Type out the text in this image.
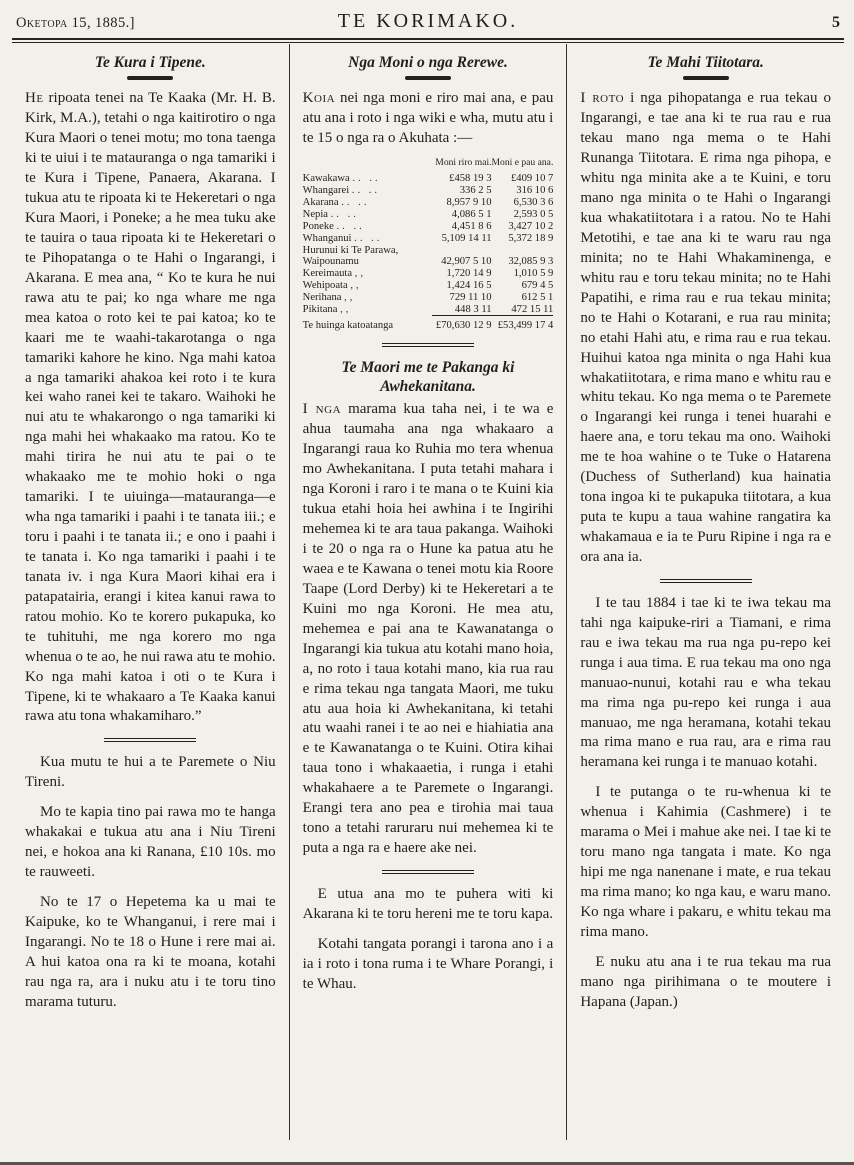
Oketopa 15, 1885.]	TE KORIMAKO.	5
Te Kura i Tipene.

He ripoata tenei na Te Kaaka (Mr. H. B. Kirk, M.A.), tetahi o nga kaitirotiro o nga Kura Maori o tenei motu; mo tona taenga ki te uiui i te matauranga o nga tamariki i te Kura i Tipene, Panaera, Akarana. I tukua atu te ripoata ki te Hekeretari o nga Kura Maori, i Poneke; a he mea tuku ake te tauira o taua ripoata ki te Hekeretari o te Pihopatanga o te Hahi o Ingarangi, i Akarana. E mea ana, “ Ko te kura he nui rawa atu te pai; ko nga whare me nga mea katoa o roto kei te pai katoa; ko te kaari me te waahi-takarotanga o nga tamariki kahore he kino. Nga mahi katoa a nga tamariki ahakoa kei roto i te kura kei waho ranei kei te takaro. Waihoki he nui atu te whakarongo o nga tamariki ki nga mahi hei whakaako ma ratou. Ko te mahi tirira he nui atu te pai o te whakaako me te mohio hoki o nga tamariki. I te uiuinga—matauranga—e wha nga tamariki i paahi i te tanata iii.; e toru i paahi i te tanata ii.; e ono i paahi i te tanata i. Ko nga tamariki i paahi i te tanata iv. i nga Kura Maori kihai era i patapatairia, erangi i kitea kanui rawa to ratou mohio. Ko te korero pukapuka, ko te tuhituhi, me nga korero mo nga whenua o te ao, he nui rawa atu te mohio. Ko nga mahi katoa i oti o te Kura i Tipene, ki te whakaaro a Te Kaaka kanui rawa atu tona whakamiharo.”

Kua mutu te hui a te Paremete o Niu Tireni.

Mo te kapia tino pai rawa mo te hanga whakakai e tukua atu ana i Niu Tireni nei, e hokoa ana ki Ranana, £10 10s. mo te rauweeti.

No te 17 o Hepetema ka u mai te Kaipuke, ko te Whanganui, i rere mai i Ingarangi. No te 18 o Hune i rere mai ai. A hui katoa ona ra ki te moana, kotahi rau nga ra, ara i nuku atu i te toru tino marama tuturu.

Nga Moni o nga Rerewe.

Koia nei nga moni e riro mai ana, e pau atu ana i roto i nga wiki e wha, mutu atu i te 15 o nga ra o Akuhata :—

	Moni riro mai.	Moni e pau ana.
Kawakawa .. ..	£458 19 3	£409 10 7
Whangarei .. ..	336 2 5	316 10 6
Akarana .. ..	8,957 9 10	6,530 3 6
Nepia .. ..	4,086 5 1	2,593 0 5
Poneke .. ..	4,451 8 6	3,427 10 2
Whanganui .. ..	5,109 14 11	5,372 18 9
Hurunui ki Te Parawa, Waipounamu	42,907 5 10	32,085 9 3
Kereimauta ,,	1,720 14 9	1,010 5 9
Wehipoata ,,	1,424 16 5	679 4 5
Nerihana ,,	729 11 10	612 5 1
Pikitana ,,	448 3 11	472 15 11
Te huinga katoatanga	£70,630 12 9	£53,499 17 4
Te Maori me te Pakanga ki Awhekanitana.

I nga marama kua taha nei, i te wa e ahua taumaha ana nga whakaaro a Ingarangi raua ko Ruhia mo tera whenua mo Awhekanitana. I puta tetahi mahara i nga Koroni i raro i te mana o te Kuini kia tukua etahi hoia hei awhina i te Ingirihi mehemea ki te ara taua pakanga. Waihoki i te 20 o nga ra o Hune ka patua atu he waea e te Kawana o tenei motu kia Roore Taape (Lord Derby) ki te Hekeretari a te Kuini mo nga Koroni. He mea atu, mehemea e pai ana te Kawanatanga o Ingarangi kia tukua atu kotahi mano hoia, a, no roto i taua kotahi mano, kia rua rau e rima tekau nga tangata Maori, me tuku atu aua hoia ki Awhekanitana, ki tetahi atu waahi ranei i te ao nei e hiahiatia ana e te Kawanatanga o te Kuini. Otira kihai taua tono i whakaaetia, i runga i etahi whakahaere a te Paremete o Ingarangi. Erangi tera ano pea e tirohia mai taua tono a tetahi raruraru nui mehemea ki te puta a nga ra e haere ake nei.

E utua ana mo te puhera witi ki Akarana ki te toru hereni me te toru kapa.

Kotahi tangata porangi i tarona ano i a ia i roto i tona ruma i te Whare Porangi, i te Whau.

Te Mahi Tiitotara.

I roto i nga pihopatanga e rua tekau o Ingarangi, e tae ana ki te rua rau e rua tekau mano nga mema o te Hahi Runanga Tiitotara. E rima nga pihopa, e whitu nga minita ake a te Kuini, e toru mano nga minita o te Hahi o Ingarangi kua whakatiitotara i a ratou. No te Hahi Metotihi, e tae ana ki te waru rau nga minita; no te Hahi Whakaminenga, e whitu rau e toru tekau minita; no te Hahi Papatihi, e rima rau e rua tekau minita; no te Hahi o Kotarani, e rua rau minita; no etahi Hahi atu, e rima rau e rua tekau. Huihui katoa nga minita o nga Hahi kua whakatiitotara, e rima mano e whitu rau e whitu tekau. Ko nga mema o te Paremete o Ingarangi kei runga i tenei huarahi e haere ana, e toru tekau ma ono. Waihoki me te hoa wahine o te Tuke o Hatarena (Duchess of Sutherland) kua hainatia tona ingoa ki te pukapuka tiitotara, a kua puta te kupu a taua wahine rangatira ka whakamaua e ia te Puru Ripine i nga ra e ora ana ia.

I te tau 1884 i tae ki te iwa tekau ma tahi nga kaipuke-riri a Tiamani, e rima rau e iwa tekau ma rua nga pu-repo kei runga i aua tima. E rua tekau ma ono nga manuao-nunui, kotahi rau e wha tekau ma rima nga pu-repo kei runga i aua manuao, me nga heramana, kotahi tekau ma rima mano e rua rau, ara e rima rau heramana kei runga i te manuao kotahi.

I te putanga o te ru-whenua ki te whenua i Kahimia (Cashmere) i te marama o Mei i mahue ake nei. I tae ki te toru mano nga tangata i mate. Ko nga hipi me nga nanenane i mate, e rua tekau ma rima mano; ko nga kau, e waru mano. Ko nga whare i pakaru, e whitu tekau ma rima mano.

E nuku atu ana i te rua tekau ma rua mano nga pirihimana o te moutere i Hapana (Japan.)
